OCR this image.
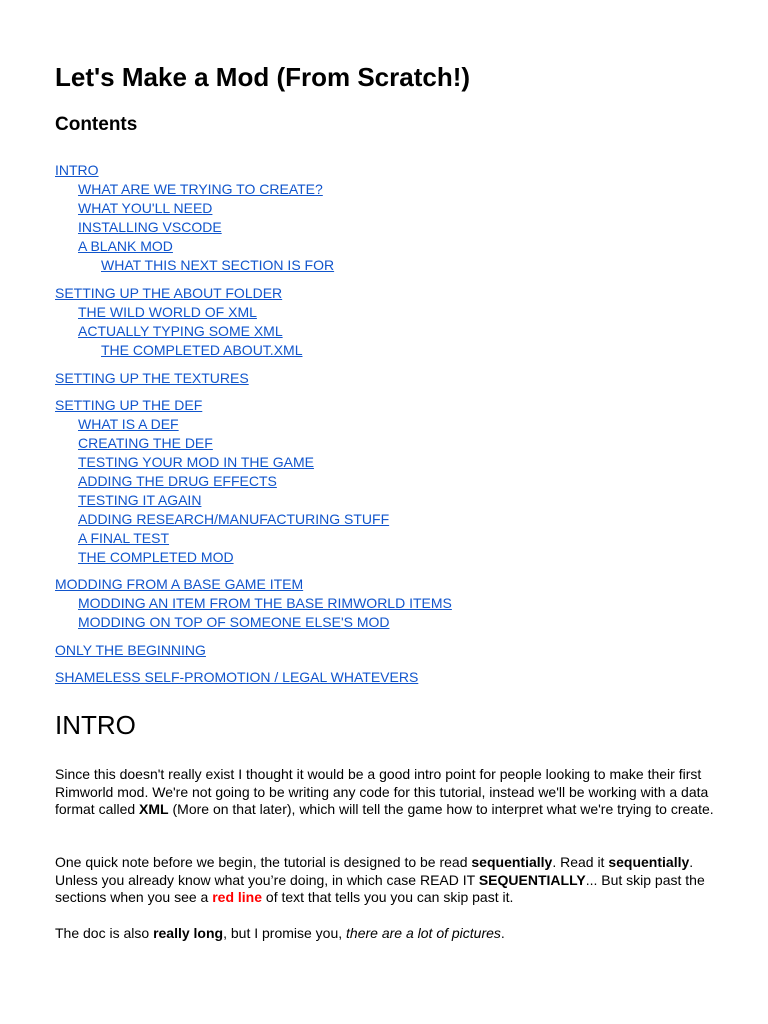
Let's Make a Mod (From Scratch!)
Contents
INTRO
WHAT ARE WE TRYING TO CREATE?
WHAT YOU'LL NEED
INSTALLING VSCODE
A BLANK MOD
WHAT THIS NEXT SECTION IS FOR
SETTING UP THE ABOUT FOLDER
THE WILD WORLD OF XML
ACTUALLY TYPING SOME XML
THE COMPLETED ABOUT.XML
SETTING UP THE TEXTURES
SETTING UP THE DEF
WHAT IS A DEF
CREATING THE DEF
TESTING YOUR MOD IN THE GAME
ADDING THE DRUG EFFECTS
TESTING IT AGAIN
ADDING RESEARCH/MANUFACTURING STUFF
A FINAL TEST
THE COMPLETED MOD
MODDING FROM A BASE GAME ITEM
MODDING AN ITEM FROM THE BASE RIMWORLD ITEMS
MODDING ON TOP OF SOMEONE ELSE'S MOD
ONLY THE BEGINNING
SHAMELESS SELF-PROMOTION / LEGAL WHATEVERS
INTRO

Since this doesn't really exist I thought it would be a good intro point for people looking to make their first Rimworld mod. We're not going to be writing any code for this tutorial, instead we'll be working with a data format called XML (More on that later), which will tell the game how to interpret what we're trying to create.

One quick note before we begin, the tutorial is designed to be read sequentially. Read it sequentially. Unless you already know what you’re doing, in which case READ IT SEQUENTIALLY... But skip past the sections when you see a red line of text that tells you you can skip past it.

The doc is also really long, but I promise you, there are a lot of pictures.
